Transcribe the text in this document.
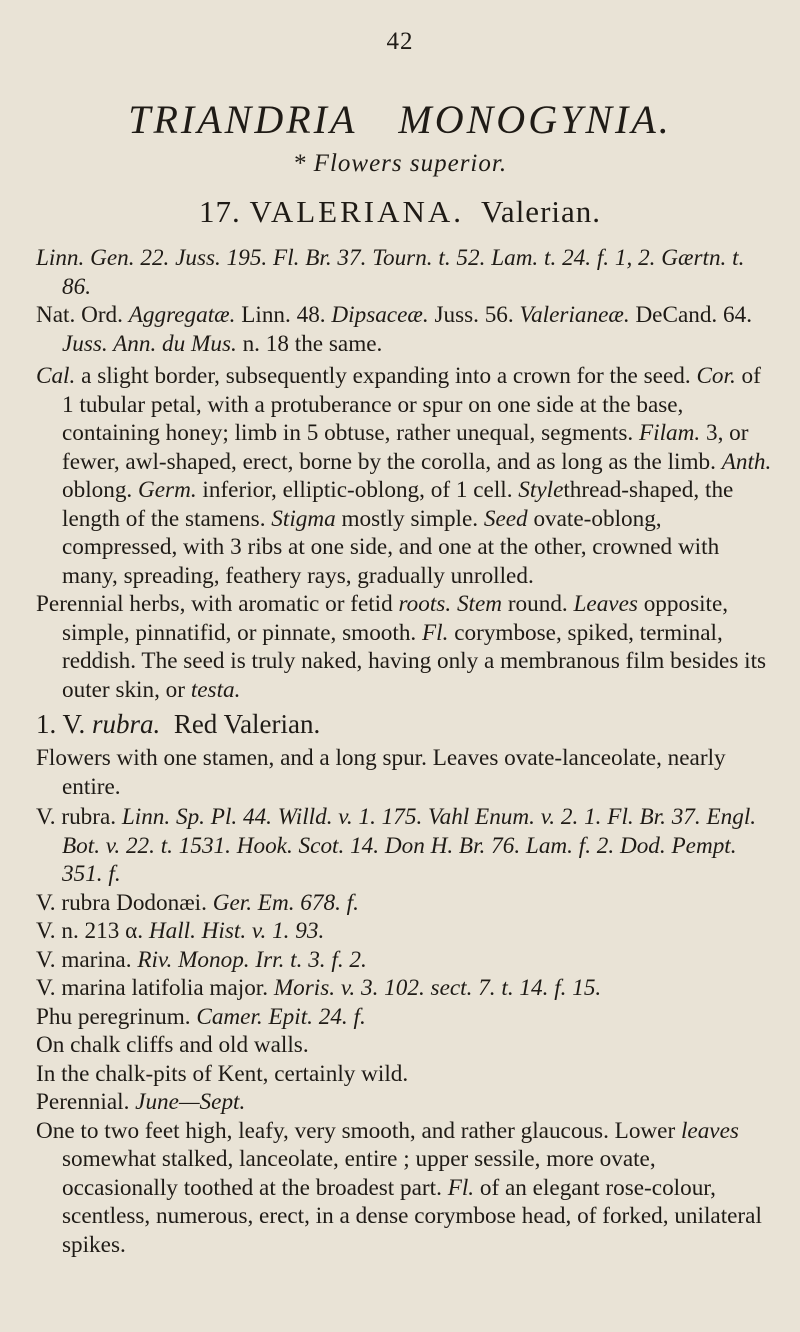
42
TRIANDRIA MONOGYNIA.
* Flowers superior.
17. VALERIANA. Valerian.

Linn. Gen. 22. Juss. 195. Fl. Br. 37. Tourn. t. 52. Lam. t. 24. f. 1, 2. Gærtn. t. 86.

Nat. Ord. Aggregatæ. Linn. 48. Dipsaceæ. Juss. 56. Valerianeæ. DeCand. 64. Juss. Ann. du Mus. n. 18 the same.

Cal. a slight border, subsequently expanding into a crown for the seed. Cor. of 1 tubular petal, with a protuberance or spur on one side at the base, containing honey; limb in 5 obtuse, rather unequal, segments. Filam. 3, or fewer, awl-shaped, erect, borne by the corolla, and as long as the limb. Anth. oblong. Germ. inferior, elliptic-oblong, of 1 cell. Stylethread-shaped, the length of the stamens. Stigma mostly simple. Seed ovate-oblong, compressed, with 3 ribs at one side, and one at the other, crowned with many, spreading, feathery rays, gradually unrolled.

Perennial herbs, with aromatic or fetid roots. Stem round. Leaves opposite, simple, pinnatifid, or pinnate, smooth. Fl. corymbose, spiked, terminal, reddish. The seed is truly naked, having only a membranous film besides its outer skin, or testa.

1. V. rubra. Red Valerian.

Flowers with one stamen, and a long spur. Leaves ovate-lanceolate, nearly entire.

V. rubra. Linn. Sp. Pl. 44. Willd. v. 1. 175. Vahl Enum. v. 2. 1. Fl. Br. 37. Engl. Bot. v. 22. t. 1531. Hook. Scot. 14. Don H. Br. 76. Lam. f. 2. Dod. Pempt. 351. f.

V. rubra Dodonæi. Ger. Em. 678. f.

V. n. 213 α. Hall. Hist. v. 1. 93.

V. marina. Riv. Monop. Irr. t. 3. f. 2.

V. marina latifolia major. Moris. v. 3. 102. sect. 7. t. 14. f. 15.

Phu peregrinum. Camer. Epit. 24. f.

On chalk cliffs and old walls.

In the chalk-pits of Kent, certainly wild.

Perennial. June—Sept.

One to two feet high, leafy, very smooth, and rather glaucous. Lower leaves somewhat stalked, lanceolate, entire ; upper sessile, more ovate, occasionally toothed at the broadest part. Fl. of an elegant rose-colour, scentless, numerous, erect, in a dense corymbose head, of forked, unilateral spikes.
